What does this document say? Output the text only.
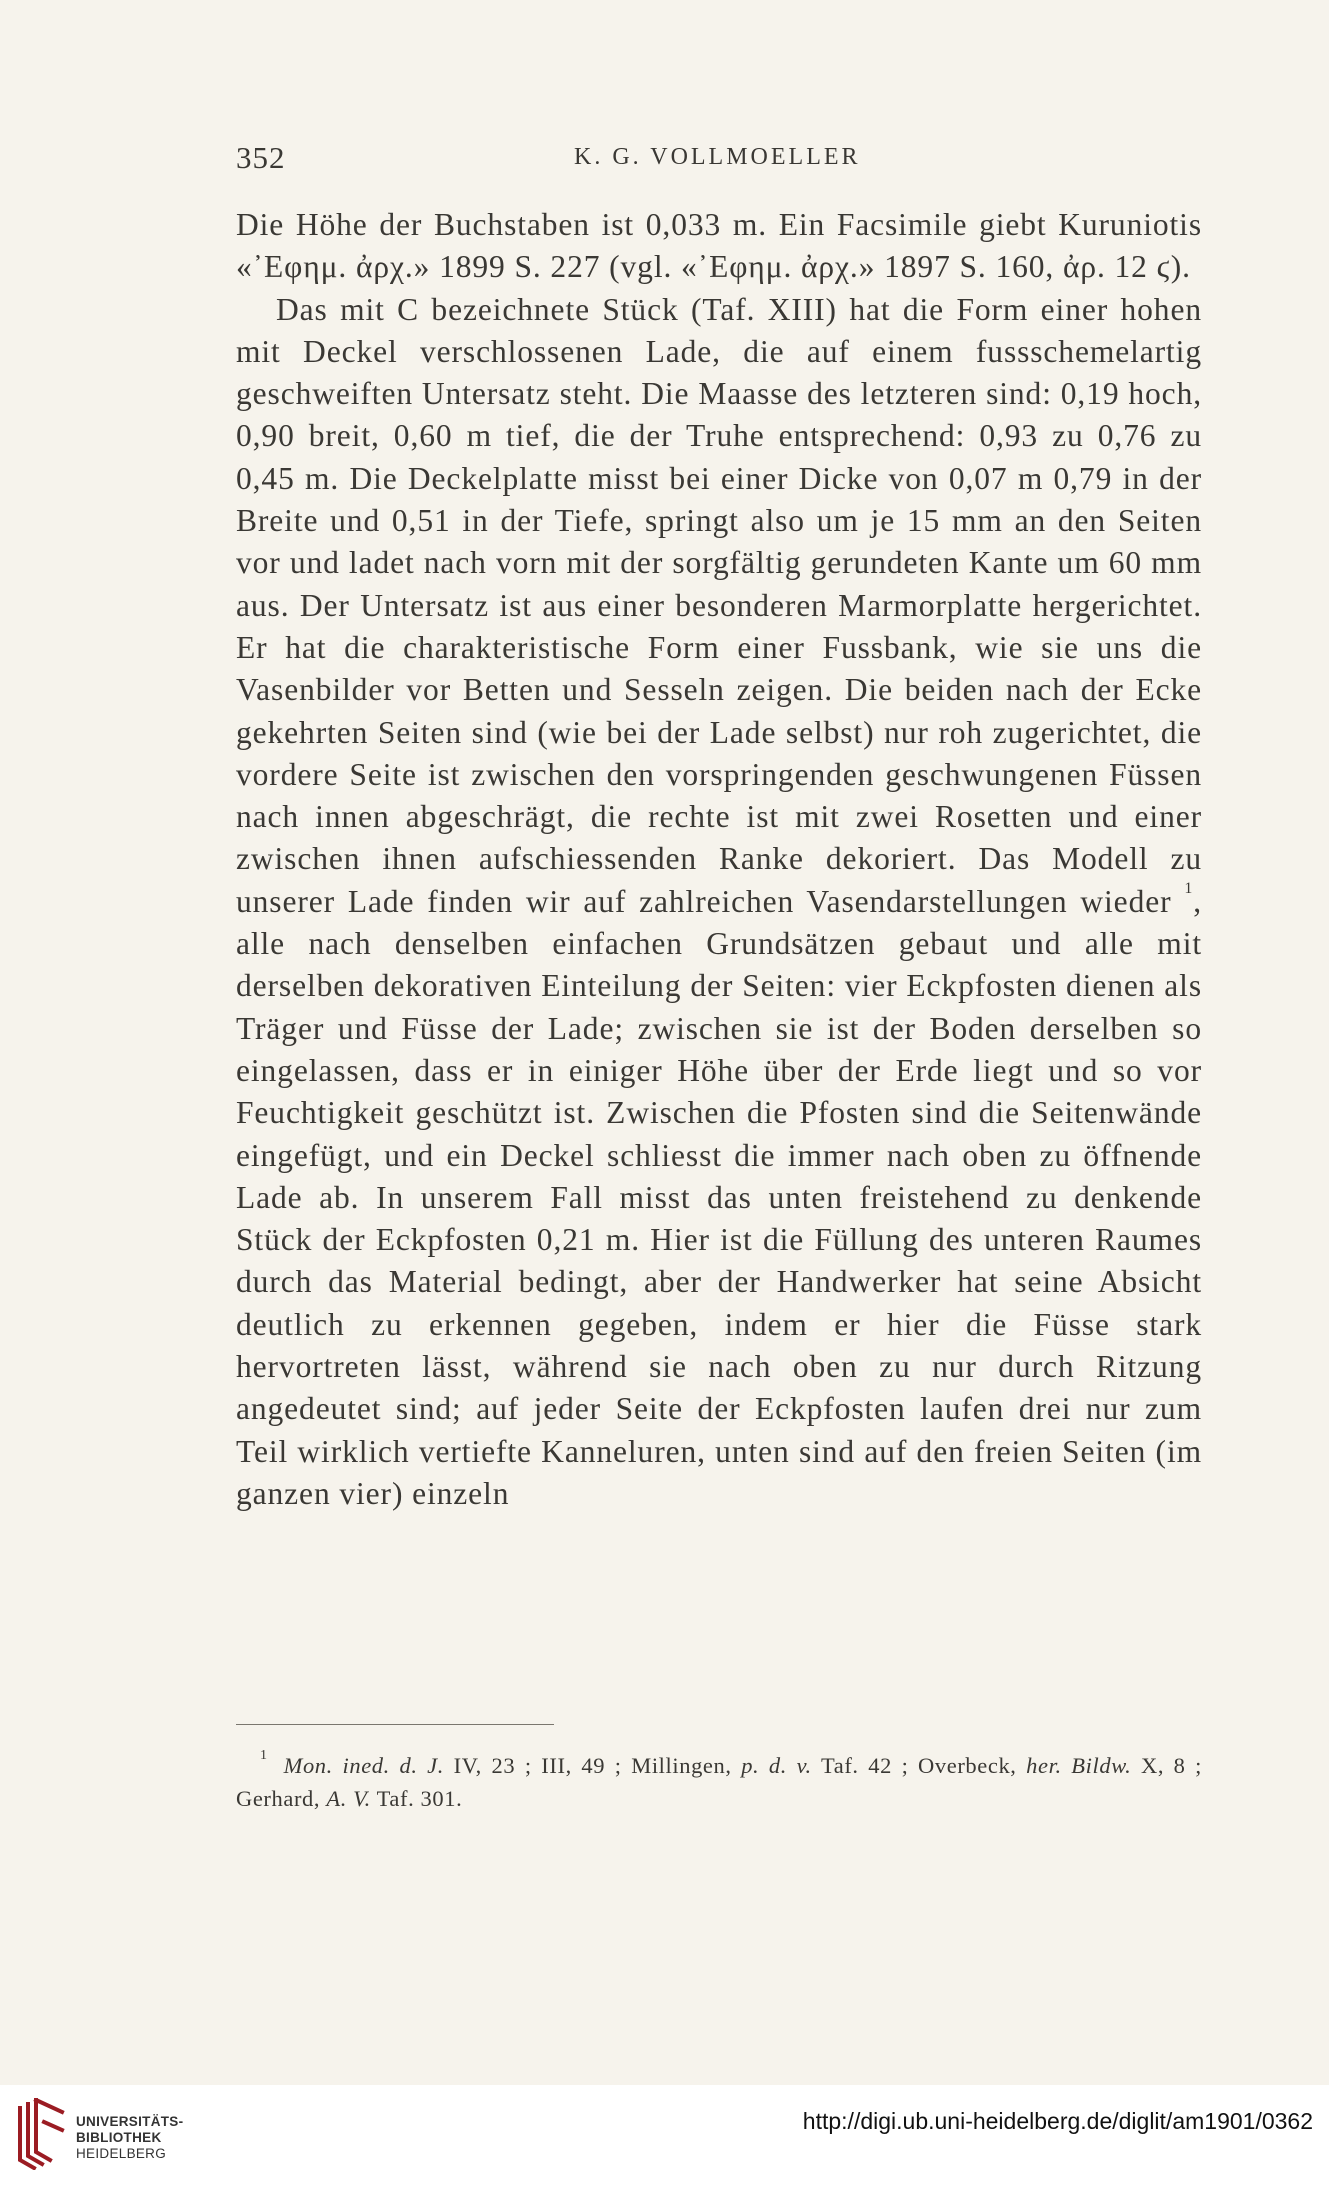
352	K. G. VOLLMOELLER

Die Höhe der Buchstaben ist 0,033 m. Ein Facsimile giebt Kuruniotis «᾿Εφημ. ἀρχ.» 1899 S. 227 (vgl. «᾿Εφημ. ἀρχ.» 1897 S. 160, ἀρ. 12 ϛ).

Das mit C bezeichnete Stück (Taf. XIII) hat die Form einer hohen mit Deckel verschlossenen Lade, die auf einem fussschemelartig geschweiften Untersatz steht. Die Maasse des letzteren sind: 0,19 hoch, 0,90 breit, 0,60 m tief, die der Truhe entsprechend: 0,93 zu 0,76 zu 0,45 m. Die Deckelplatte misst bei einer Dicke von 0,07 m 0,79 in der Breite und 0,51 in der Tiefe, springt also um je 15 mm an den Seiten vor und ladet nach vorn mit der sorgfältig gerundeten Kante um 60 mm aus. Der Untersatz ist aus einer besonderen Marmorplatte hergerichtet. Er hat die charakteristische Form einer Fussbank, wie sie uns die Vasenbilder vor Betten und Sesseln zeigen. Die beiden nach der Ecke gekehrten Seiten sind (wie bei der Lade selbst) nur roh zugerichtet, die vordere Seite ist zwischen den vorspringenden geschwungenen Füssen nach innen abgeschrägt, die rechte ist mit zwei Rosetten und einer zwischen ihnen aufschiessenden Ranke dekoriert. Das Modell zu unserer Lade finden wir auf zahlreichen Vasendarstellungen wieder $^1$, alle nach denselben einfachen Grundsätzen gebaut und alle mit derselben dekorativen Einteilung der Seiten: vier Eckpfosten dienen als Träger und Füsse der Lade; zwischen sie ist der Boden derselben so eingelassen, dass er in einiger Höhe über der Erde liegt und so vor Feuchtigkeit geschützt ist. Zwischen die Pfosten sind die Seitenwände eingefügt, und ein Deckel schliesst die immer nach oben zu öffnende Lade ab. In unserem Fall misst das unten freistehend zu denkende Stück der Eckpfosten 0,21 m. Hier ist die Füllung des unteren Raumes durch das Material bedingt, aber der Handwerker hat seine Absicht deutlich zu erkennen gegeben, indem er hier die Füsse stark hervortreten lässt, während sie nach oben zu nur durch Ritzung angedeutet sind; auf jeder Seite der Eckpfosten laufen drei nur zum Teil wirklich vertiefte Kanneluren, unten sind auf den freien Seiten (im ganzen vier) einzeln

$^1$ Mon. ined. d. J. IV, 23 ; III, 49 ; Millingen, p. d. v. Taf. 42 ; Overbeck, her. Bildw. X, 8 ; Gerhard, A. V. Taf. 301.

UNIVERSITÄTS-
BIBLIOTHEK
HEIDELBERG
http://digi.ub.uni-heidelberg.de/diglit/am1901/0362
